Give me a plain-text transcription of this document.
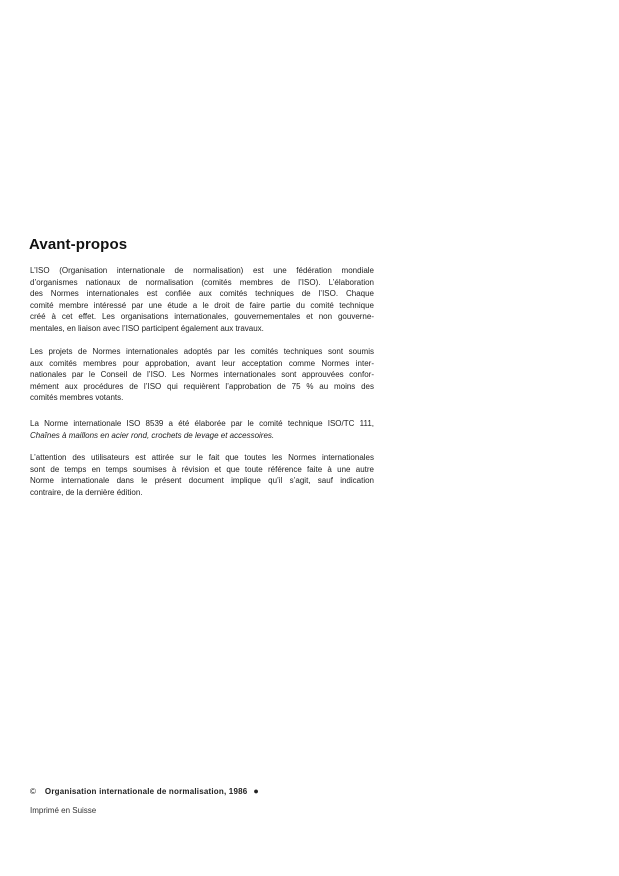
Avant-propos
L’ISO (Organisation internationale de normalisation) est une fédération mondiale
d’organismes nationaux de normalisation (comités membres de l’ISO). L’élaboration
des Normes internationales est confiée aux comités techniques de l’ISO. Chaque
comité membre intéressé par une étude a le droit de faire partie du comité technique
créé à cet effet. Les organisations internationales, gouvernementales et non gouverne-
mentales, en liaison avec l’ISO participent également aux travaux.
Les projets de Normes internationales adoptés par les comités techniques sont soumis
aux comités membres pour approbation, avant leur acceptation comme Normes inter-
nationales par le Conseil de l’ISO. Les Normes internationales sont approuvées confor-
mément aux procédures de l’ISO qui requièrent l’approbation de 75 % au moins des
comités membres votants.
La Norme internationale ISO 8539 a été élaborée par le comité technique ISO/TC 111,
Chaînes à maillons en acier rond, crochets de levage et accessoires.
L’attention des utilisateurs est attirée sur le fait que toutes les Normes internationales
sont de temps en temps soumises à révision et que toute référence faite à une autre
Norme internationale dans le présent document implique qu’il s’agit, sauf indication
contraire, de la dernière édition.
© Organisation internationale de normalisation, 1986 ●
Imprimé en Suisse
